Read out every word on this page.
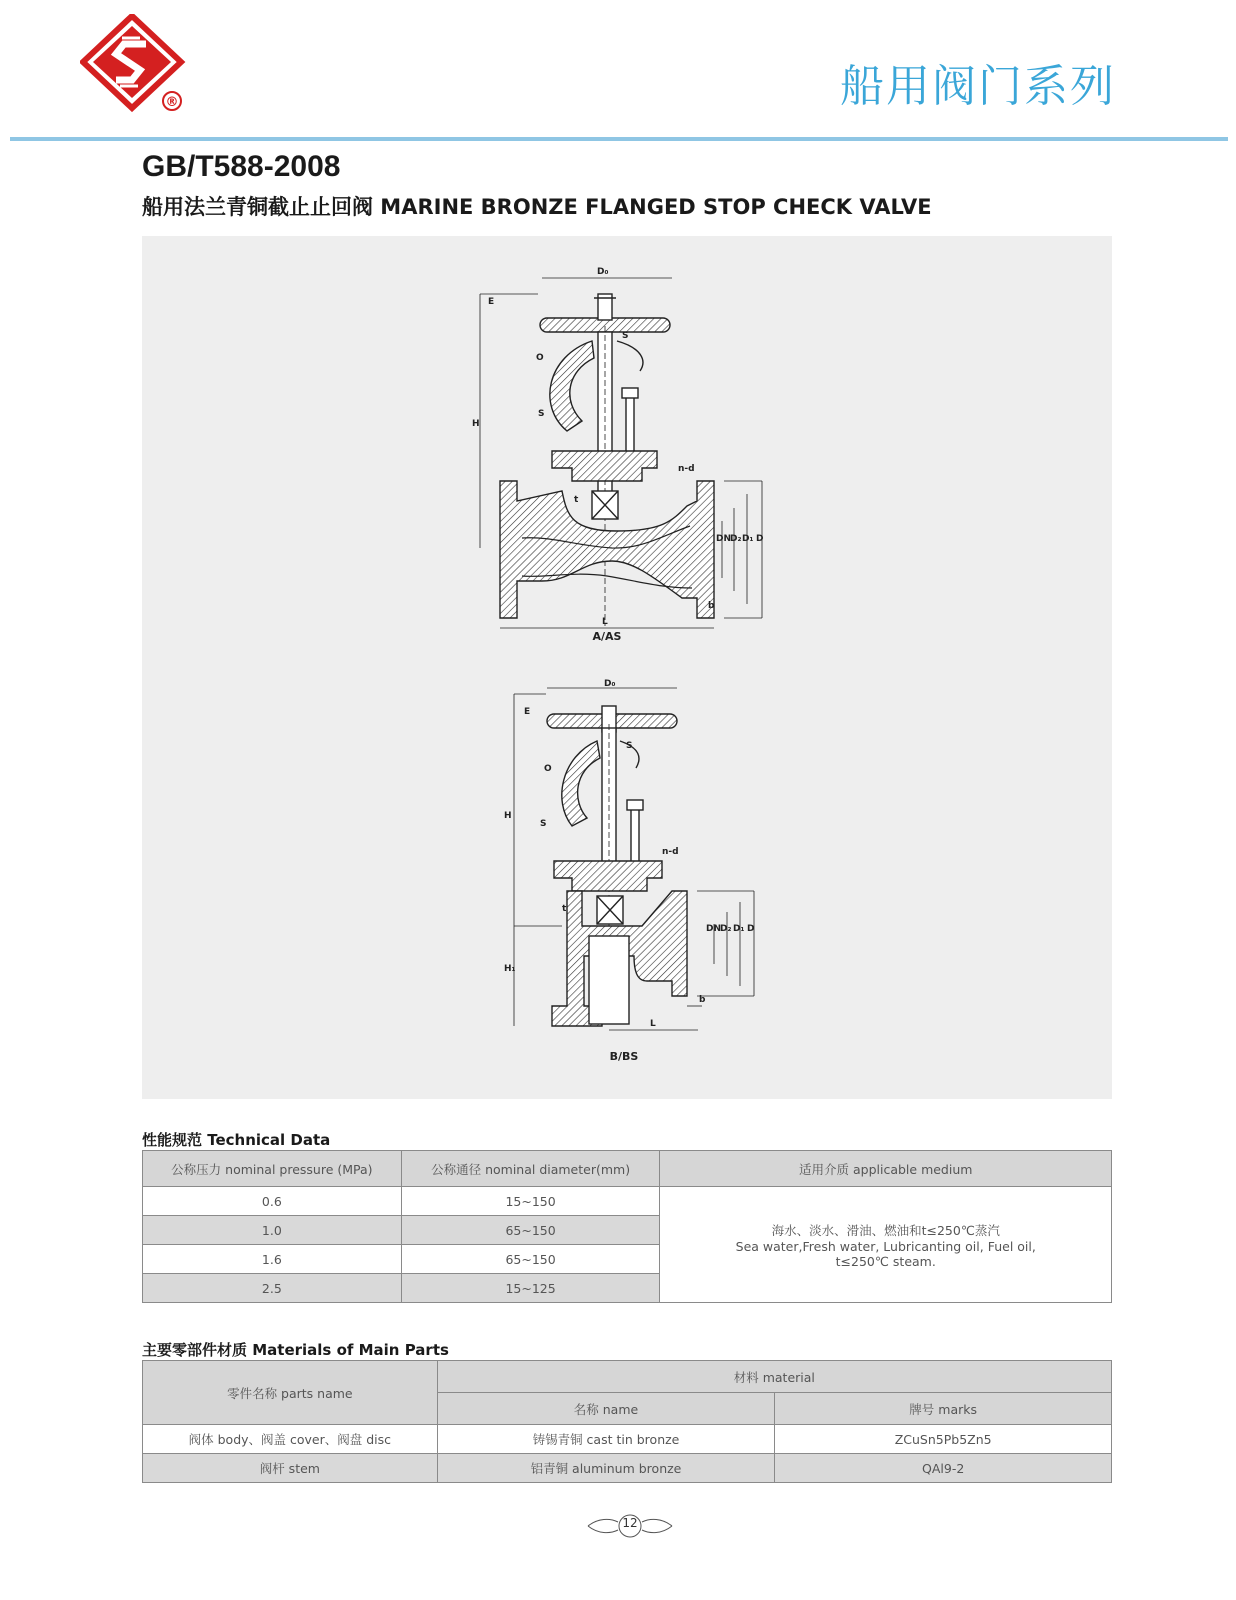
®	船用阀门系列
GB/T588-2008
船用法兰青铜截止止回阀 MARINE BRONZE FLANGED STOP CHECK VALVE
D₀
E
H
O
S
S
t
n-d
DN
D₂ D₁ D
b
L
A/AS
D₀
E
H
H₁
O
S
S
t
n-d
DN
D₂ D₁ D
b
L
B/BS
性能规范 Technical Data
公称压力 nominal pressure (MPa)	公称通径 nominal diameter(mm)	适用介质 applicable medium
0.6	15~150	海水、淡水、滑油、燃油和t≤250℃蒸汽
Sea water,Fresh water, Lubricanting oil, Fuel oil,
t≤250℃ steam.

1.0	65~150	
1.6	65~150	
2.5	15~125	
主要零部件材质 Materials of Main Parts
零件名称 parts name	材料 material	
	名称 name	牌号 marks
阀体 body、阀盖 cover、阀盘 disc	铸锡青铜 cast tin bronze	ZCuSn5Pb5Zn5
阀杆 stem	铝青铜 aluminum bronze	QAl9-2
12
